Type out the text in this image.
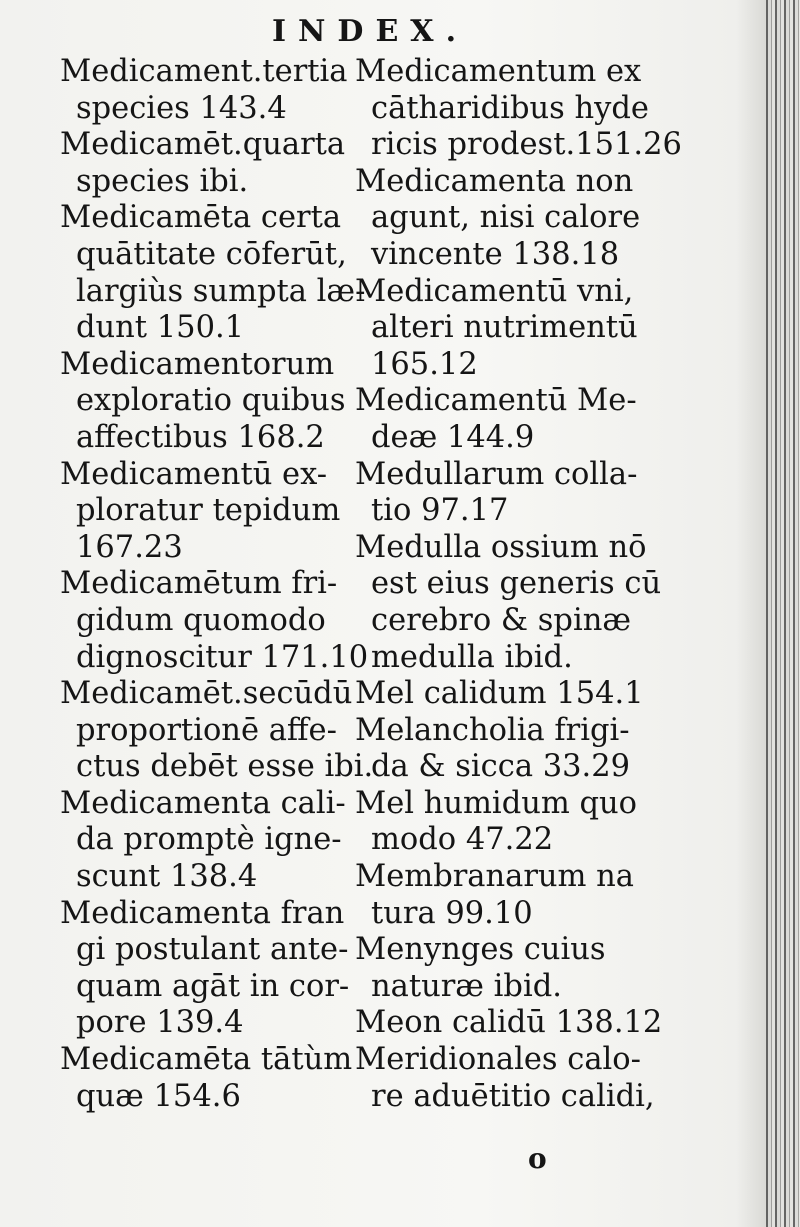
INDEX.
Medicament.tertia
species 143.4
Medicamēt.quarta
species ibi.
Medicamēta certa
quātitate cōferūt,
largiùs sumpta læ-
dunt 150.1
Medicamentorum
exploratio quibus
affectibus 168.2
Medicamentū ex-
ploratur tepidum
167.23
Medicamētum fri-
gidum quomodo
dignoscitur 171.10
Medicamēt.secūdū
proportionē affe-
ctus debēt esse ibi.
Medicamenta cali-
da promptè igne-
scunt 138.4
Medicamenta fran
gi postulant ante-
quam agāt in cor-
pore 139.4
Medicamēta tātùm
quæ 154.6
Medicamentum ex
cātharidibus hyde
ricis prodest.151.26
Medicamenta non
agunt, nisi calore
vincente 138.18
Medicamentū vni,
alteri nutrimentū
165.12
Medicamentū Me-
deæ 144.9
Medullarum colla-
tio 97.17
Medulla ossium nō
est eius generis cū
cerebro & spinæ
medulla ibid.
Mel calidum 154.1
Melancholia frigi-
da & sicca 33.29
Mel humidum quo
modo 47.22
Membranarum na
tura 99.10
Menynges cuius
naturæ ibid.
Meon calidū 138.12
Meridionales calo-
re aduētitio calidi,
o
